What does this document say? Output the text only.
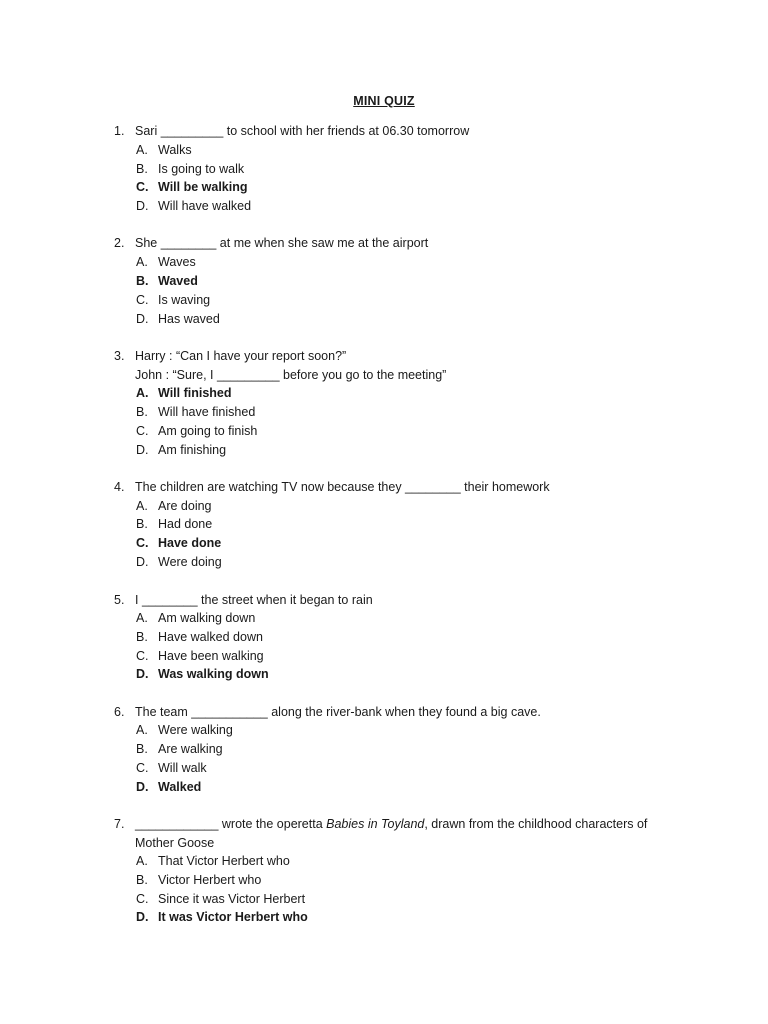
MINI QUIZ
1. Sari _________ to school with her friends at 06.30 tomorrow
A. Walks
B. Is going to walk
C. Will be walking
D. Will have walked
2. She ________ at me when she saw me at the airport
A. Waves
B. Waved
C. Is waving
D. Has waved
3. Harry : “Can I have your report soon?”
John : “Sure, I _________ before you go to the meeting”
A. Will finished
B. Will have finished
C. Am going to finish
D. Am finishing
4. The children are watching TV now because they ________ their homework
A. Are doing
B. Had done
C. Have done
D. Were doing
5. I ________ the street when it began to rain
A. Am walking down
B. Have walked down
C. Have been walking
D. Was walking down
6. The team ___________ along the river-bank when they found a big cave.
A. Were walking
B. Are walking
C. Will walk
D. Walked
7. ____________ wrote the operetta Babies in Toyland, drawn from the childhood characters of
Mother Goose
A. That Victor Herbert who
B. Victor Herbert who
C. Since it was Victor Herbert
D. It was Victor Herbert who
